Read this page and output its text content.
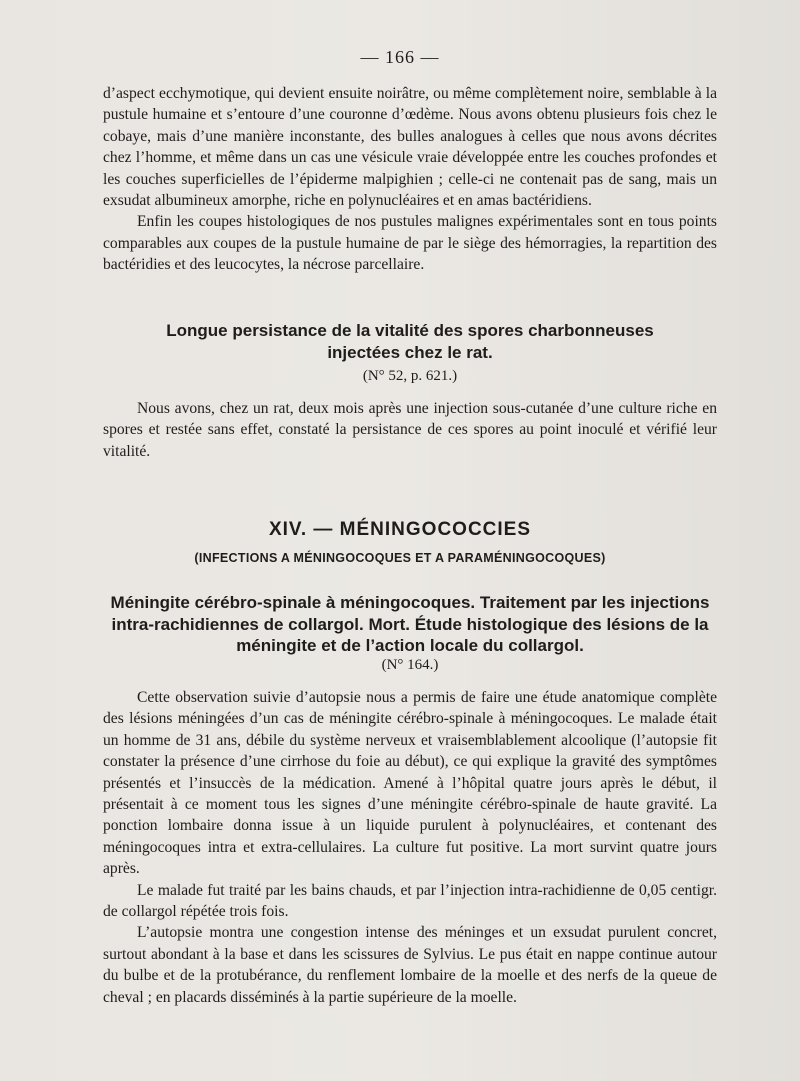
— 166 —

d’aspect ecchymotique, qui devient ensuite noirâtre, ou même complètement noire, semblable à la pustule humaine et s’entoure d’une couronne d’œdème. Nous avons obtenu plusieurs fois chez le cobaye, mais d’une manière inconstante, des bulles analogues à celles que nous avons décrites chez l’homme, et même dans un cas une vésicule vraie développée entre les couches profondes et les couches superficielles de l’épiderme malpighien ; celle-ci ne contenait pas de sang, mais un exsudat albumineux amorphe, riche en polynucléaires et en amas bactéridiens.

Enfin les coupes histologiques de nos pustules malignes expérimentales sont en tous points comparables aux coupes de la pustule humaine de par le siège des hémorragies, la repartition des bactéridies et des leucocytes, la nécrose parcellaire.

Longue persistance de la vitalité des spores charbonneuses injectées chez le rat.
(N° 52, p. 621.)

Nous avons, chez un rat, deux mois après une injection sous-cutanée d’une culture riche en spores et restée sans effet, constaté la persistance de ces spores au point inoculé et vérifié leur vitalité.

XIV. — MÉNINGOCOCCIES
(INFECTIONS A MÉNINGOCOQUES ET A PARAMÉNINGOCOQUES)
Méningite cérébro-spinale à méningocoques. Traitement par les injections intra-rachidiennes de collargol. Mort. Étude histologique des lésions de la méningite et de l’action locale du collargol.
(N° 164.)

Cette observation suivie d’autopsie nous a permis de faire une étude anatomique complète des lésions méningées d’un cas de méningite cérébro-spinale à méningocoques. Le malade était un homme de 31 ans, débile du système nerveux et vraisemblablement alcoolique (l’autopsie fit constater la présence d’une cirrhose du foie au début), ce qui explique la gravité des symptômes présentés et l’insuccès de la médication. Amené à l’hôpital quatre jours après le début, il présentait à ce moment tous les signes d’une méningite cérébro-spinale de haute gravité. La ponction lombaire donna issue à un liquide purulent à polynucléaires, et contenant des méningocoques intra et extra-cellulaires. La culture fut positive. La mort survint quatre jours après.

Le malade fut traité par les bains chauds, et par l’injection intra-rachidienne de 0,05 centigr. de collargol répétée trois fois.

L’autopsie montra une congestion intense des méninges et un exsudat purulent concret, surtout abondant à la base et dans les scissures de Sylvius. Le pus était en nappe continue autour du bulbe et de la protubérance, du renflement lombaire de la moelle et des nerfs de la queue de cheval ; en placards disséminés à la partie supérieure de la moelle.
